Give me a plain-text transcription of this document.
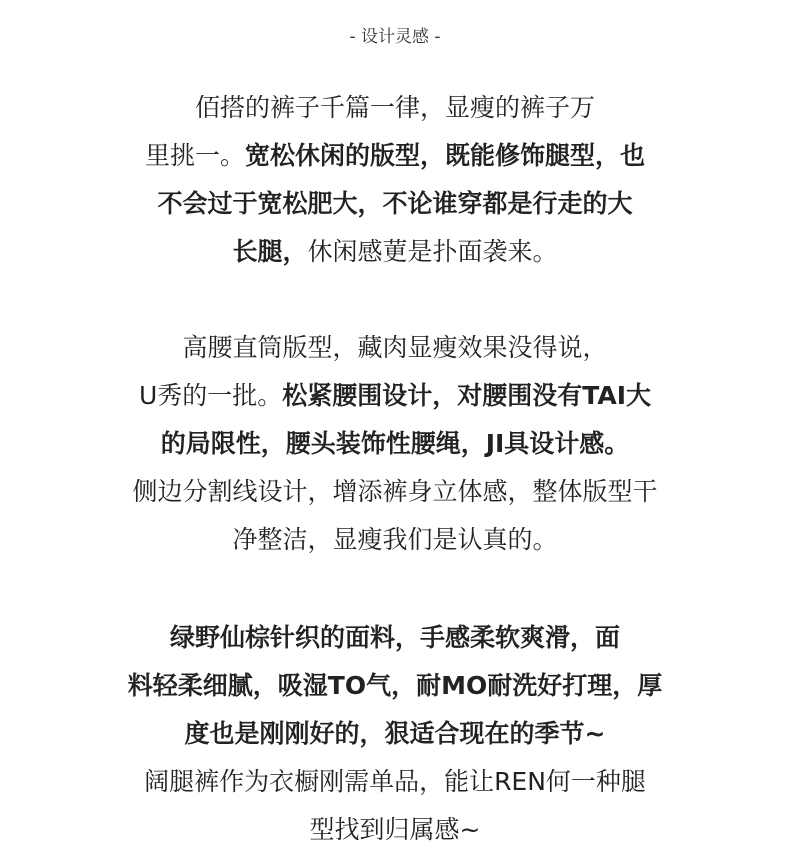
- 设计灵感 -
佰搭的裤子千篇一律，显瘦的裤子万
里挑一。宽松休闲的版型，既能修饰腿型，也
不会过于宽松肥大，不论谁穿都是行走的大
长腿，休闲感莄是扑面袭来。
高腰直筒版型，藏肉显瘦效果没得说，
U秀的一批。松紧腰围设计，对腰围没有TAI大
的局限性，腰头装饰性腰绳，JI具设计感。
侧边分割线设计，增添裤身立体感，整体版型干
净整洁，显瘦我们是认真的。
绿野仙棕针织的面料，手感柔软爽滑，面
料轻柔细腻，吸湿TO气，耐MO耐洗好打理，厚
度也是刚刚好的，狠适合现在的季节~
阔腿裤作为衣橱刚需单品，能让REN何一种腿
型找到归属感~
